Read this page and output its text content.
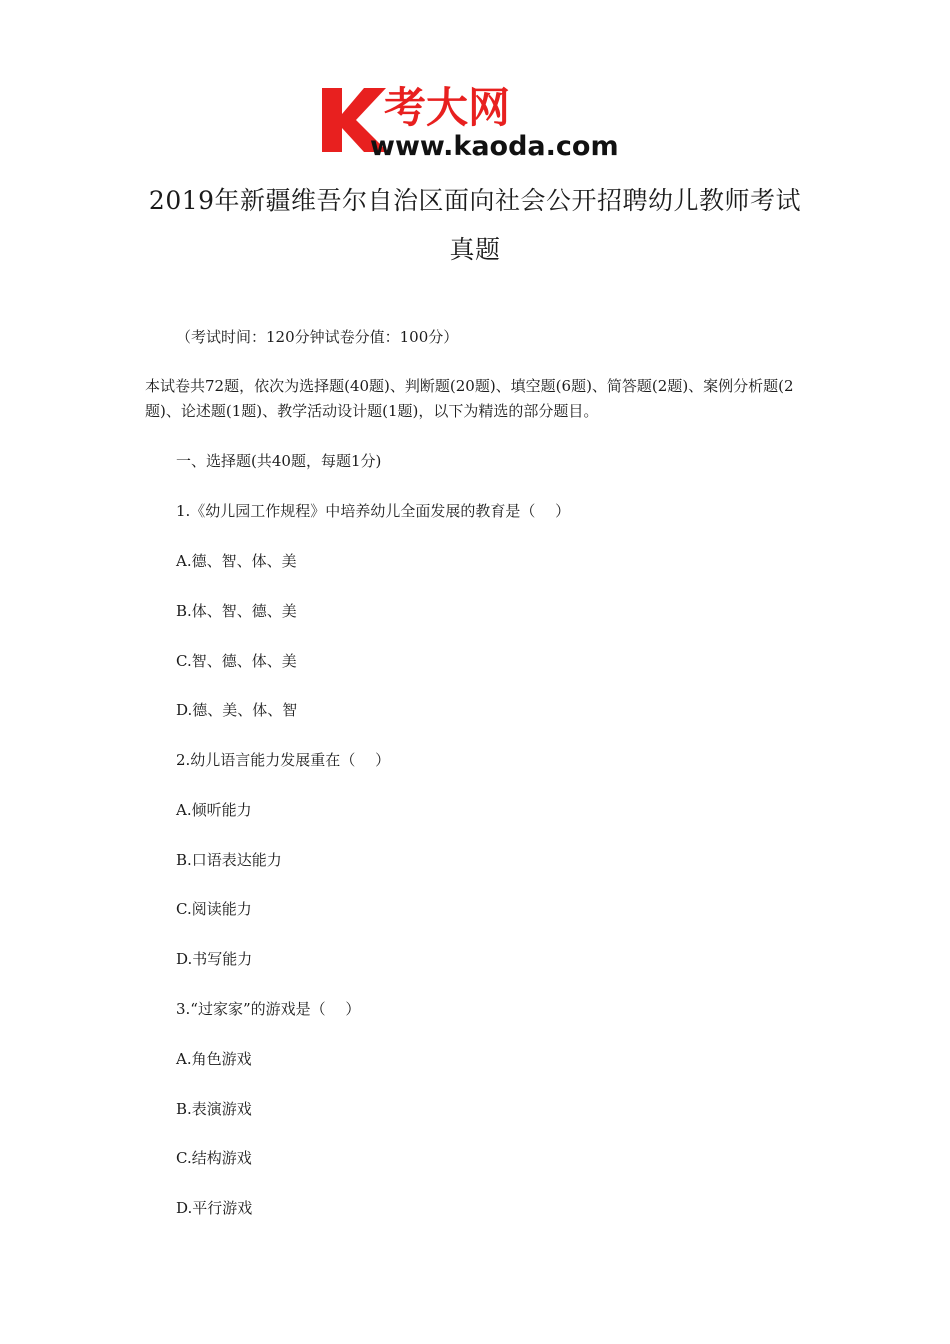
考大网
www.kaoda.com
2019年新疆维吾尔自治区面向社会公开招聘幼儿教师考试
真题
（考试时间：120分钟试卷分值：100分）
本试卷共72题，依次为选择题(40题)、判断题(20题)、填空题(6题)、简答题(2题)、案例分析题(2题)、论述题(1题)、教学活动设计题(1题)，以下为精选的部分题目。
一、选择题(共40题，每题1分)
1.《幼儿园工作规程》中培养幼儿全面发展的教育是（　 ）
A.德、智、体、美
B.体、智、德、美
C.智、德、体、美
D.德、美、体、智
2.幼儿语言能力发展重在（　 ）
A.倾听能力
B.口语表达能力
C.阅读能力
D.书写能力
3.“过家家”的游戏是（　 ）
A.角色游戏
B.表演游戏
C.结构游戏
D.平行游戏
